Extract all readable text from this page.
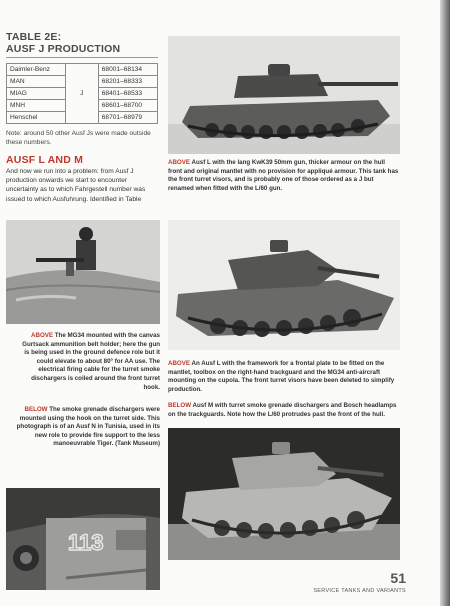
TABLE 2E:
AUSF J PRODUCTION
Daimler-Benz	J	68001–68134
MAN		68201–68333
MIAG		68401–68533
MNH		68601–68700
Henschel		68701–68979
Note: around 50 other Ausf Js were made outside these numbers.
AUSF L AND M
And now we run into a problem: from Ausf J production onwards we start to encounter uncertainty as to which Fahrgestell number was issued to which Ausfuhrung. Identified in Table
ABOVE The MG34 mounted with the canvas Gurtsack ammunition belt holder; here the gun is being used in the ground defence role but it could elevate to about 80° for AA use. The electrical firing cable for the turret smoke dischargers is coiled around the front turret hook.
BELOW The smoke grenade dischargers were mounted using the hook on the turret side. This photograph is of an Ausf N in Tunisia, used in its new role to provide fire support to the less manoeuvrable Tiger. (Tank Museum)
113
ABOVE Ausf L with the lang KwK39 50mm gun, thicker armour on the hull front and original mantlet with no provision for appliqué armour. This tank has the front turret visors, and is probably one of those ordered as a J but renamed when fitted with the L/60 gun.
ABOVE An Ausf L with the framework for a frontal plate to be fitted on the mantlet, toolbox on the right-hand trackguard and the MG34 anti-aircraft mounting on the cupola. The front turret visors have been deleted to simplify production.
BELOW Ausf M with turret smoke grenade dischargers and Bosch headlamps on the trackguards. Note how the L/60 protrudes past the front of the hull.
51
SERVICE TANKS AND VARIANTS
